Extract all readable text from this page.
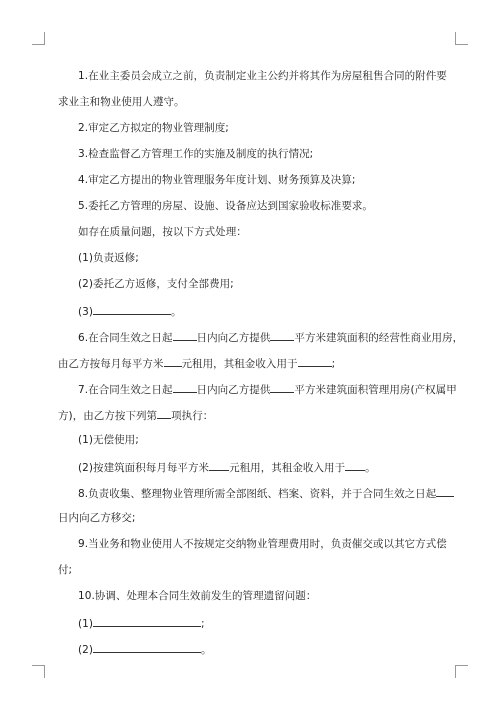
1.在业主委员会成立之前，负责制定业主公约并将其作为房屋租售合同的附件要
求业主和物业使用人遵守。
2.审定乙方拟定的物业管理制度;
3.检查监督乙方管理工作的实施及制度的执行情况;
4.审定乙方提出的物业管理服务年度计划、财务预算及决算;
5.委托乙方管理的房屋、设施、设备应达到国家验收标准要求。
如存在质量问题，按以下方式处理：
(1)负责返修;
(2)委托乙方返修，支付全部费用;
(3)	。
6.在合同生效之日起 日内向乙方提供 平方米建筑面积的经营性商业用房，
由乙方按每月每平方米 元租用，其租金收入用于	;
7.在合同生效之日起 日内向乙方提供 平方米建筑面积管理用房(产权属甲
方)，由乙方按下列第 项执行：
(1)无偿使用;
(2)按建筑面积每月每平方米 元租用，其租金收入用于 。
8.负责收集、整理物业管理所需全部图纸、档案、资料，并于合同生效之日起
日内向乙方移交;
9.当业务和物业使用人不按规定交纳物业管理费用时，负责催交或以其它方式偿
付;
10.协调、处理本合同生效前发生的管理遗留问题：
(1)	;
(2)	。
